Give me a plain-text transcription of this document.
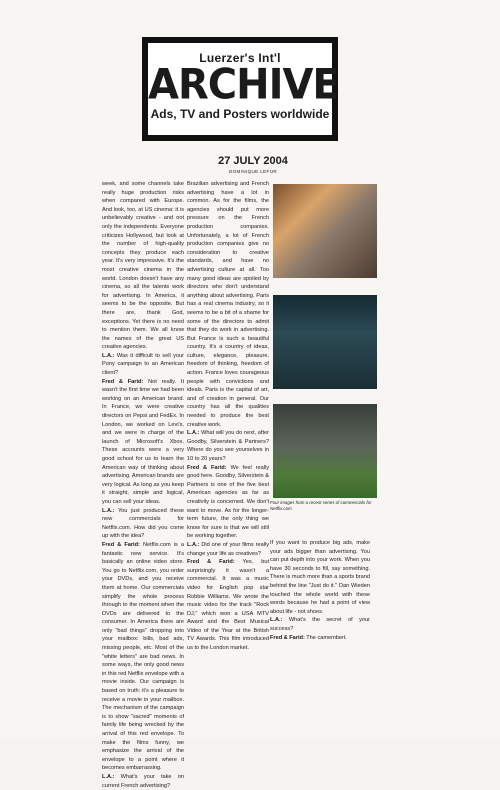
Luerzer's Int'l
ARCHIVE
Ads, TV and Posters worldwide
27 JULY 2004
DOMINIQUE LEFUR

week, and some channels take really huge production risks when compared with Europe. And look, too, at US cinema: it is unbelievably creative - and not only the independents. Everyone criticizes Hollywood, but look at the number of high-quality concepts they produce each year. It's very impressive. It's the most creative cinema in the world. London doesn't have any cinema, so all the talents work for advertising. In America, it seems to be the opposite. But there are, thank God, exceptions. Yet there is no need to mention them. We all know the names of the great US creative agencies.

L.A.: Was it difficult to sell your Pony campaign to an American client?

Fred & Farid: Not really. It wasn't the first time we had been working on an American brand. In France, we were creative directors on Pepsi and FedEx. In London, we worked on Levi's, and we were in charge of the launch of Microsoft's Xbox. These accounts were a very good school for us to learn the American way of thinking about advertising. American brands are very logical. As long as you keep it straight, simple and logical, you can sell your ideas.

L.A.: You just produced these new commercials for Netflix.com. How did you come up with the idea?

Fred & Farid: Netflix.com is a fantastic new service. It's basically an online video store. You go to Netflix.com, you order your DVDs, and you receive them at home. Our commercials simplify the whole process through to the moment when the DVDs are delivered to the consumer. In America there are only "bad things" dropping into your mailbox: bills, bad ads, missing people, etc. Most of the "white letters" are bad news. In some ways, the only good news in this red Netflix envelope with a movie inside. Our campaign is based on truth: it's a pleasure to receive a movie in your mailbox. The mechanism of the campaign is to show "sacred" moments of family life being wrecked by the arrival of this red envelope. To make the films funny, we emphasize the arrival of the envelope to a point where it becomes embarrassing.

L.A.: What's your take on current French advertising?

Brazilian advertising and French advertising have a lot in common. As for the films, the agencies should put more pressure on the French production companies. Unfortunately, a lot of French production companies give no consideration to creative standards, and have no advertising culture at all. Too many good ideas are spoiled by directors who don't understand anything about advertising. Paris has a real cinema industry, so it seems to be a bit of a shame for some of the directors to admit that they do work in advertising. But France is such a beautiful country. It's a country of ideas, culture, elegance, pleasure, freedom of thinking, freedom of action. France loves courageous people with convictions and ideals. Paris is the capital of art, and of creation in general. Our country has all the qualities needed to produce the best creative work.

L.A.: What will you do next, after Goodby, Silverstein & Partners? Where do you see yourselves in 10 to 20 years?

Fred & Farid: We feel really good here. Goodby, Silverstein & Partners is one of the five best American agencies as far as creativity is concerned. We don't want to move. As for the longer-term future, the only thing we know for sure is that we will still be working together.

L.A.: Did one of your films really change your life as creatives?

Fred & Farid: Yes, but surprisingly it wasn't a commercial. It was a music video for English pop star Robbie Williams. We wrote the music video for the track "Rock DJ," which won a USA MTV Award and the Best Musical Video of the Year at the British TV Awards. This film introduced us to the London market.

Four images from a recent series of commercials for Netflix.com

If you want to produce big ads, make your ads bigger than advertising. You can put depth into your work. When you have 30 seconds to fill, say something. There is much more than a sports brand behind the line "Just do it." Dan Wieden touched the whole world with these words because he had a point of view about life - not shoes.

L.A.: What's the secret of your success?

Fred & Farid: The camembert.
